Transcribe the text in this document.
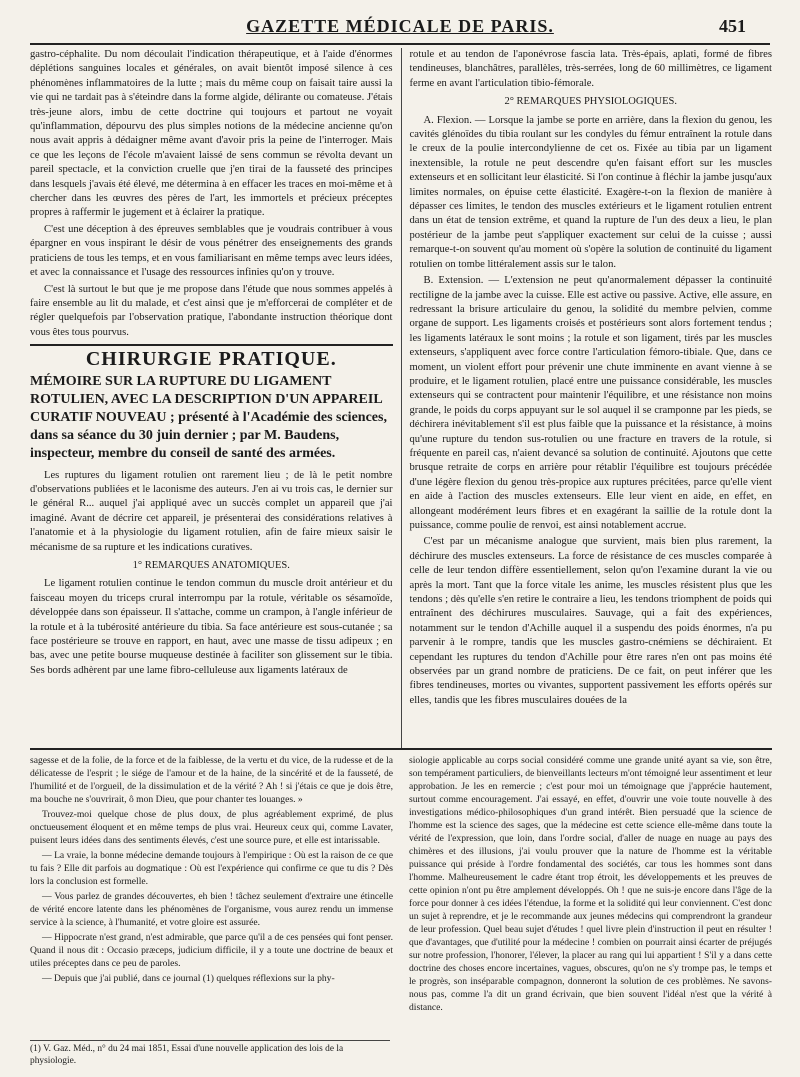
GAZETTE MÉDICALE DE PARIS.	451

gastro-céphalite. Du nom découlait l'indication thérapeutique, et à l'aide d'énormes déplétions sanguines locales et générales, on avait bientôt imposé silence à ces phénomènes inflammatoires de la lutte ; mais du même coup on faisait taire aussi la vie qui ne tardait pas à s'éteindre dans la forme algide, délirante ou comateuse. J'étais très-jeune alors, imbu de cette doctrine qui toujours et partout ne voyait qu'inflammation, dépourvu des plus simples notions de la médecine ancienne qu'on nous avait appris à dédaigner même avant d'avoir pris la peine de l'interroger. Mais ce que les leçons de l'école m'avaient laissé de sens commun se révolta devant un pareil spectacle, et la conviction cruelle que j'en tirai de la fausseté des principes dans lesquels j'avais été élevé, me détermina à en effacer les traces en moi-même et à chercher dans les œuvres des pères de l'art, les immortels et précieux préceptes propres à raffermir le jugement et à éclairer la pratique.

C'est une déception à des épreuves semblables que je voudrais contribuer à vous épargner en vous inspirant le désir de vous pénétrer des enseignements des grands praticiens de tous les temps, et en vous familiarisant en même temps avec leurs idées, et avec la connaissance et l'usage des ressources infinies qu'on y trouve.

C'est là surtout le but que je me propose dans l'étude que nous sommes appelés à faire ensemble au lit du malade, et c'est ainsi que je m'efforcerai de compléter et de régler quelquefois par l'observation pratique, l'abondante instruction théorique dont vous êtes tous pourvus.

CHIRURGIE PRATIQUE.
MÉMOIRE SUR LA RUPTURE DU LIGAMENT ROTULIEN, AVEC LA DESCRIPTION D'UN APPAREIL CURATIF NOUVEAU ; présenté à l'Académie des sciences, dans sa séance du 30 juin dernier ; par M. Baudens, inspecteur, membre du conseil de santé des armées.

Les ruptures du ligament rotulien ont rarement lieu ; de là le petit nombre d'observations publiées et le laconisme des auteurs. J'en ai vu trois cas, le dernier sur le général R... auquel j'ai appliqué avec un succès complet un appareil que j'ai imaginé. Avant de décrire cet appareil, je présenterai des considérations relatives à l'anatomie et à la physiologie du ligament rotulien, afin de faire mieux saisir le mécanisme de sa rupture et les indications curatives.

1° REMARQUES ANATOMIQUES.

Le ligament rotulien continue le tendon commun du muscle droit antérieur et du faisceau moyen du triceps crural interrompu par la rotule, véritable os sésamoïde, développée dans son épaisseur. Il s'attache, comme un crampon, à l'angle inférieur de la rotule et à la tubérosité antérieure du tibia. Sa face antérieure est sous-cutanée ; sa face postérieure se trouve en rapport, en haut, avec une masse de tissu adipeux ; en bas, avec une petite bourse muqueuse destinée à faciliter son glissement sur le tibia. Ses bords adhèrent par une lame fibro-celluleuse aux ligaments latéraux de

rotule et au tendon de l'aponévrose fascia lata. Très-épais, aplati, formé de fibres tendineuses, blanchâtres, parallèles, très-serrées, long de 60 millimètres, ce ligament ferme en avant l'articulation tibio-fémorale.

2° REMARQUES PHYSIOLOGIQUES.

A. Flexion. — Lorsque la jambe se porte en arrière, dans la flexion du genou, les cavités glénoïdes du tibia roulant sur les condyles du fémur entraînent la rotule dans le creux de la poulie intercondylienne de cet os. Fixée au tibia par un ligament inextensible, la rotule ne peut descendre qu'en faisant effort sur les muscles extenseurs et en sollicitant leur élasticité. Si l'on continue à fléchir la jambe jusqu'aux limites normales, on épuise cette élasticité. Exagère-t-on la flexion de manière à dépasser ces limites, le tendon des muscles extérieurs et le ligament rotulien entrent dans un état de tension extrême, et quand la rupture de l'un des deux a lieu, le plan postérieur de la jambe peut s'appliquer exactement sur celui de la cuisse ; aussi remarque-t-on souvent qu'au moment où s'opère la solution de continuité du ligament rotulien on tombe littéralement assis sur le talon.

B. Extension. — L'extension ne peut qu'anormalement dépasser la continuité rectiligne de la jambe avec la cuisse. Elle est active ou passive. Active, elle assure, en redressant la brisure articulaire du genou, la solidité du membre pelvien, comme organe de support. Les ligaments croisés et postérieurs sont alors fortement tendus ; les ligaments latéraux le sont moins ; la rotule et son ligament, tirés par les muscles extenseurs, s'appliquent avec force contre l'articulation fémoro-tibiale. Que, dans ce moment, un violent effort pour prévenir une chute imminente en avant vienne à se produire, et le ligament rotulien, placé entre une puissance considérable, les muscles extenseurs qui se contractent pour maintenir l'équilibre, et une résistance non moins grande, le poids du corps appuyant sur le sol auquel il se cramponne par les pieds, se déchirera inévitablement s'il est plus faible que la puissance et la résistance, à moins qu'une rupture du tendon sus-rotulien ou une fracture en travers de la rotule, si fréquente en pareil cas, n'aient devancé sa solution de continuité. Ajoutons que cette brusque retraite de corps en arrière pour rétablir l'équilibre est toujours précédée d'une légère flexion du genou très-propice aux ruptures précitées, parce qu'elle vient en aide à l'action des muscles extenseurs. Elle leur vient en aide, en effet, en allongeant modérément leurs fibres et en exagérant la saillie de la rotule dont la puissance, comme poulie de renvoi, est ainsi notablement accrue.

C'est par un mécanisme analogue que survient, mais bien plus rarement, la déchirure des muscles extenseurs. La force de résistance de ces muscles comparée à celle de leur tendon diffère essentiellement, selon qu'on l'examine durant la vie ou après la mort. Tant que la force vitale les anime, les muscles résistent plus que les tendons ; dès qu'elle s'en retire le contraire a lieu, les tendons triomphent de poids qui entraînent des déchirures musculaires. Sauvage, qui a fait des expériences, notamment sur le tendon d'Achille auquel il a suspendu des poids énormes, n'a pu parvenir à le rompre, tandis que les muscles gastro-cnémiens se déchiraient. Et cependant les ruptures du tendon d'Achille pour être rares n'en ont pas moins été observées par un grand nombre de praticiens. De ce fait, on peut inférer que les fibres tendineuses, mortes ou vivantes, supportent passivement les efforts opérés sur elles, tandis que les fibres musculaires douées de la

sagesse et de la folie, de la force et de la faiblesse, de la vertu et du vice, de la rudesse et de la délicatesse de l'esprit ; le siége de l'amour et de la haine, de la sincérité et de la fausseté, de l'humilité et de l'orgueil, de la dissimulation et de la vérité ? Ah ! si j'étais ce que je dois être, ma bouche ne s'ouvrirait, ô mon Dieu, que pour chanter tes louanges. »

Trouvez-moi quelque chose de plus doux, de plus agréablement exprimé, de plus onctueusement éloquent et en même temps de plus vrai. Heureux ceux qui, comme Lavater, puisent leurs idées dans des sentiments élevés, c'est une source pure, et elle est intarissable.

— La vraie, la bonne médecine demande toujours à l'empirique : Où est la raison de ce que tu fais ? Elle dit parfois au dogmatique : Où est l'expérience qui confirme ce que tu dis ? Dès lors la conclusion est formelle.

— Vous parlez de grandes découvertes, eh bien ! tâchez seulement d'extraire une étincelle de vérité encore latente dans les phénomènes de l'organisme, vous aurez rendu un immense service à la science, à l'humanité, et votre gloire est assurée.

— Hippocrate n'est grand, n'est admirable, que parce qu'il a de ces pensées qui font penser. Quand il nous dit : Occasio præceps, judicium difficile, il y a toute une doctrine de beaux et utiles préceptes dans ce peu de paroles.

— Depuis que j'ai publié, dans ce journal (1) quelques réflexions sur la phy-

siologie applicable au corps social considéré comme une grande unité ayant sa vie, son être, son tempérament particuliers, de bienveillants lecteurs m'ont témoigné leur assentiment et leur approbation. Je les en remercie ; c'est pour moi un témoignage que j'apprécie hautement, surtout comme encouragement. J'ai essayé, en effet, d'ouvrir une voie toute nouvelle à des investigations médico-philosophiques d'un grand intérêt. Bien persuadé que la science de l'homme est la science des sages, que la médecine est cette science elle-même dans toute la vérité de l'expression, que loin, dans l'ordre social, d'aller de nuage en nuage au pays des chimères et des illusions, j'ai voulu prouver que la nature de l'homme est la véritable puissance qui préside à l'ordre fondamental des sociétés, car tous les hommes sont dans l'homme. Malheureusement le cadre étant trop étroit, les développements et les preuves de cette opinion n'ont pu être amplement développés. Oh ! que ne suis-je encore dans l'âge de la force pour donner à ces idées l'étendue, la forme et la solidité qui leur conviennent. C'est donc un sujet à reprendre, et je le recommande aux jeunes médecins qui comprendront la grandeur de leur profession. Quel beau sujet d'études ! quel livre plein d'instruction il peut en résulter ! que d'avantages, que d'utilité pour la médecine ! combien on pourrait ainsi écarter de préjugés sur notre profession, l'honorer, l'élever, la placer au rang qui lui appartient ! S'il y a dans cette doctrine des choses encore incertaines, vagues, obscures, qu'on ne s'y trompe pas, le temps et le progrès, son inséparable compagnon, donneront la solution de ces problèmes. Ne savons-nous pas, comme l'a dit un grand écrivain, que bien souvent l'idéal n'est que la vérité à distance.

(1) V. Gaz. Méd., n° du 24 mai 1851, Essai d'une nouvelle application des lois de la physiologie.
